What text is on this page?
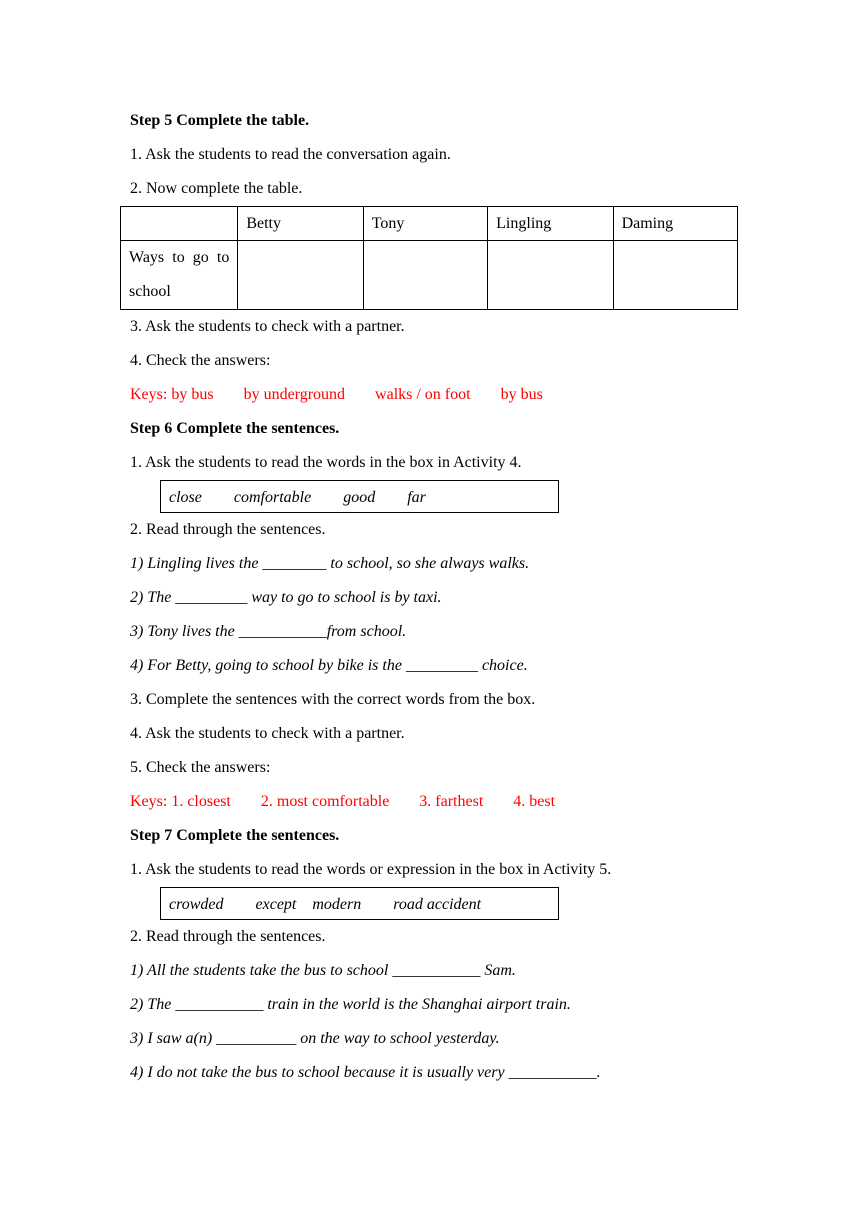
Step 5 Complete the table.
1. Ask the students to read the conversation again.
2. Now complete the table.
	Betty	Tony	Lingling	Daming
Ways to go to school				
3. Ask the students to check with a partner.
4. Check the answers:
Keys: by bus by underground walks / on foot by bus
Step 6 Complete the sentences.
1. Ask the students to read the words in the box in Activity 4.
close comfortable good far
2. Read through the sentences.
1) Lingling lives the ________ to school, so she always walks.
2) The _________ way to go to school is by taxi.
3) Tony lives the ___________from school.
4) For Betty, going to school by bike is the _________ choice.
3. Complete the sentences with the correct words from the box.
4. Ask the students to check with a partner.
5. Check the answers:
Keys: 1. closest 2. most comfortable 3. farthest 4. best
Step 7 Complete the sentences.
1. Ask the students to read the words or expression in the box in Activity 5.
crowded except modern road accident
2. Read through the sentences.
1) All the students take the bus to school ___________ Sam.
2) The ___________ train in the world is the Shanghai airport train.
3) I saw a(n) __________ on the way to school yesterday.
4) I do not take the bus to school because it is usually very ___________.
